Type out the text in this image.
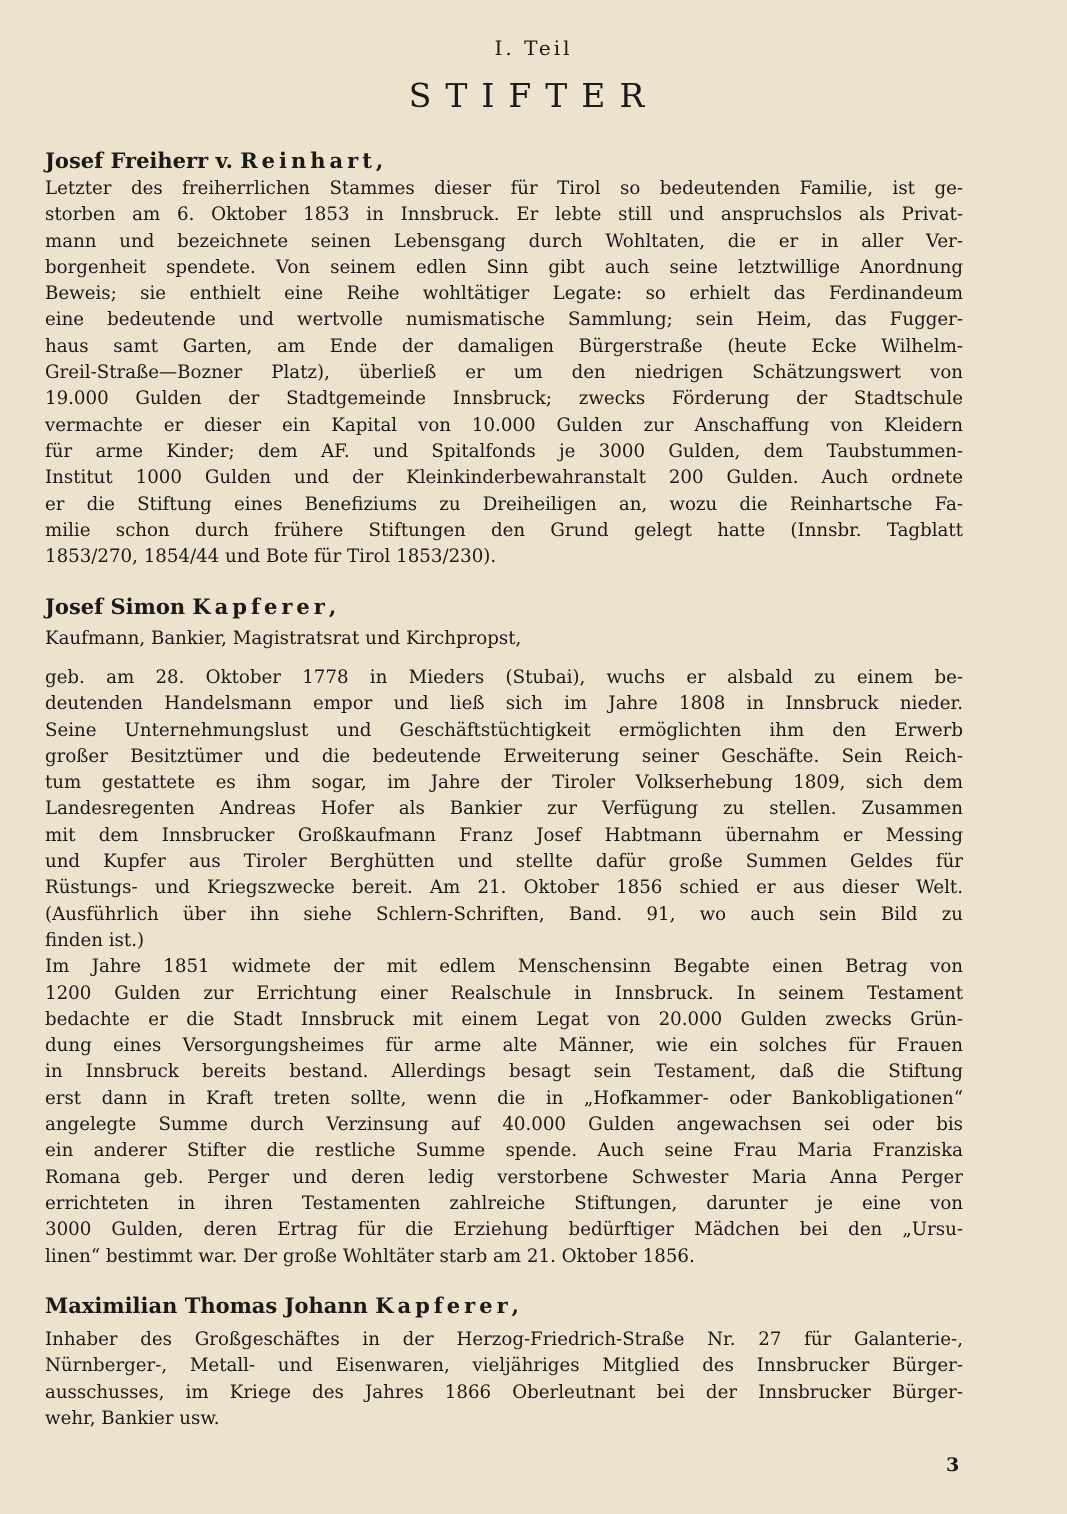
I. Teil
STIFTER
Josef Freiherr v. Reinhart,
Letzter des freiherrlichen Stammes dieser für Tirol so bedeutenden Familie, ist ge-
storben am 6. Oktober 1853 in Innsbruck. Er lebte still und anspruchslos als Privat-
mann und bezeichnete seinen Lebensgang durch Wohltaten, die er in aller Ver-
borgenheit spendete. Von seinem edlen Sinn gibt auch seine letztwillige Anordnung
Beweis; sie enthielt eine Reihe wohltätiger Legate: so erhielt das Ferdinandeum
eine bedeutende und wertvolle numismatische Sammlung; sein Heim, das Fugger-
haus samt Garten, am Ende der damaligen Bürgerstraße (heute Ecke Wilhelm-
Greil-Straße—Bozner Platz), überließ er um den niedrigen Schätzungswert von
19.000 Gulden der Stadtgemeinde Innsbruck; zwecks Förderung der Stadtschule
vermachte er dieser ein Kapital von 10.000 Gulden zur Anschaffung von Kleidern
für arme Kinder; dem AF. und Spitalfonds je 3000 Gulden, dem Taubstummen-
Institut 1000 Gulden und der Kleinkinderbewahranstalt 200 Gulden. Auch ordnete
er die Stiftung eines Benefiziums zu Dreiheiligen an, wozu die Reinhartsche Fa-
milie schon durch frühere Stiftungen den Grund gelegt hatte (Innsbr. Tagblatt
1853/270, 1854/44 und Bote für Tirol 1853/230).
Josef Simon Kapferer,
Kaufmann, Bankier, Magistratsrat und Kirchpropst,
geb. am 28. Oktober 1778 in Mieders (Stubai), wuchs er alsbald zu einem be-
deutenden Handelsmann empor und ließ sich im Jahre 1808 in Innsbruck nieder.
Seine Unternehmungslust und Geschäftstüchtigkeit ermöglichten ihm den Erwerb
großer Besitztümer und die bedeutende Erweiterung seiner Geschäfte. Sein Reich-
tum gestattete es ihm sogar, im Jahre der Tiroler Volkserhebung 1809, sich dem
Landesregenten Andreas Hofer als Bankier zur Verfügung zu stellen. Zusammen
mit dem Innsbrucker Großkaufmann Franz Josef Habtmann übernahm er Messing
und Kupfer aus Tiroler Berghütten und stellte dafür große Summen Geldes für
Rüstungs- und Kriegszwecke bereit. Am 21. Oktober 1856 schied er aus dieser Welt.
(Ausführlich über ihn siehe Schlern-Schriften, Band. 91, wo auch sein Bild zu
finden ist.)
Im Jahre 1851 widmete der mit edlem Menschensinn Begabte einen Betrag von
1200 Gulden zur Errichtung einer Realschule in Innsbruck. In seinem Testament
bedachte er die Stadt Innsbruck mit einem Legat von 20.000 Gulden zwecks Grün-
dung eines Versorgungsheimes für arme alte Männer, wie ein solches für Frauen
in Innsbruck bereits bestand. Allerdings besagt sein Testament, daß die Stiftung
erst dann in Kraft treten sollte, wenn die in „Hofkammer- oder Bankobligationen“
angelegte Summe durch Verzinsung auf 40.000 Gulden angewachsen sei oder bis
ein anderer Stifter die restliche Summe spende. Auch seine Frau Maria Franziska
Romana geb. Perger und deren ledig verstorbene Schwester Maria Anna Perger
errichteten in ihren Testamenten zahlreiche Stiftungen, darunter je eine von
3000 Gulden, deren Ertrag für die Erziehung bedürftiger Mädchen bei den „Ursu-
linen“ bestimmt war. Der große Wohltäter starb am 21. Oktober 1856.
Maximilian Thomas Johann Kapferer,
Inhaber des Großgeschäftes in der Herzog-Friedrich-Straße Nr. 27 für Galanterie-,
Nürnberger-, Metall- und Eisenwaren, vieljähriges Mitglied des Innsbrucker Bürger-
ausschusses, im Kriege des Jahres 1866 Oberleutnant bei der Innsbrucker Bürger-
wehr, Bankier usw.
3
